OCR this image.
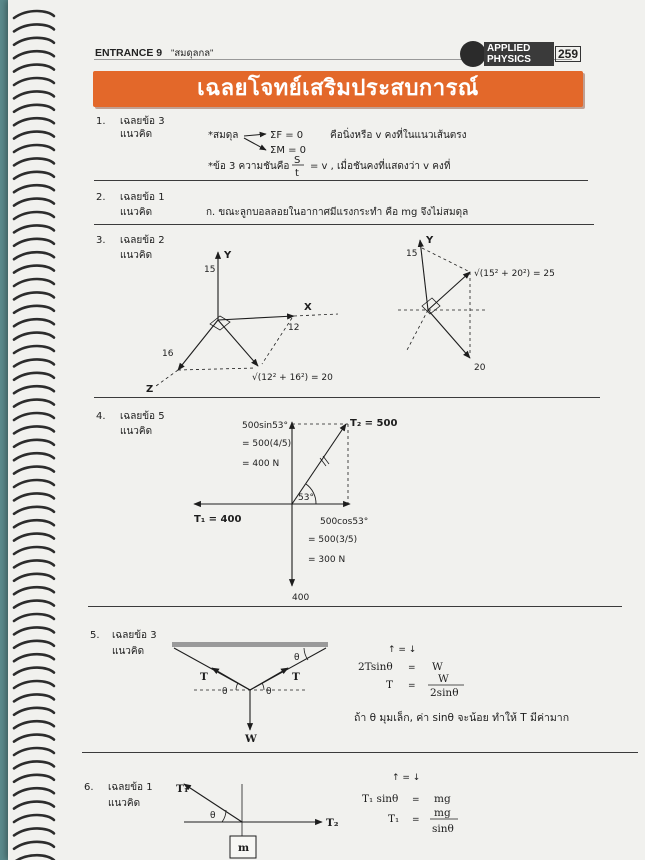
ENTRANCE 9 "สมดุลกล"	APPLIED
PHYSICS	259
เฉลยโจทย์เสริมประสบการณ์
1. เฉลยข้อ 3
แนวคิด	*สมดุล	ΣF = 0	คือนิ่งหรือ v คงที่ในแนวเส้นตรง
ΣM = 0
*ข้อ 3 ความชันคือ
S
t
= v , เมื่อชันคงที่แสดงว่า v คงที่
2. เฉลยข้อ 1
แนวคิด	ก. ขณะลูกบอลลอยในอากาศมีแรงกระทำ คือ mg จึงไม่สมดุล
3. เฉลยข้อ 2
แนวคิด
4. เฉลยข้อ 5
แนวคิด
5. เฉลยข้อ 3
แนวคิด
ถ้า θ มุมเล็ก, ค่า sinθ จะน้อย ทำให้ T มีค่ามาก
6. เฉลยข้อ 1
แนวคิด
Y
15
X
12
16
Z
√(12² + 16²) = 20
Y
15
20
√(15² + 20²) = 25
500sin53°
= 500(4/5)
= 400 N
T₂ = 500
53°
T₁ = 400	500cos53°
= 500(3/5)
= 300 N
400
T	T
θ	θ
θ
W
↑ = ↓
2Tsinθ = W
T =
W
2sinθ
T₁
T₂
θ
m
↑ = ↓
T₁ sinθ = mg
T₁ =
mg
sinθ
